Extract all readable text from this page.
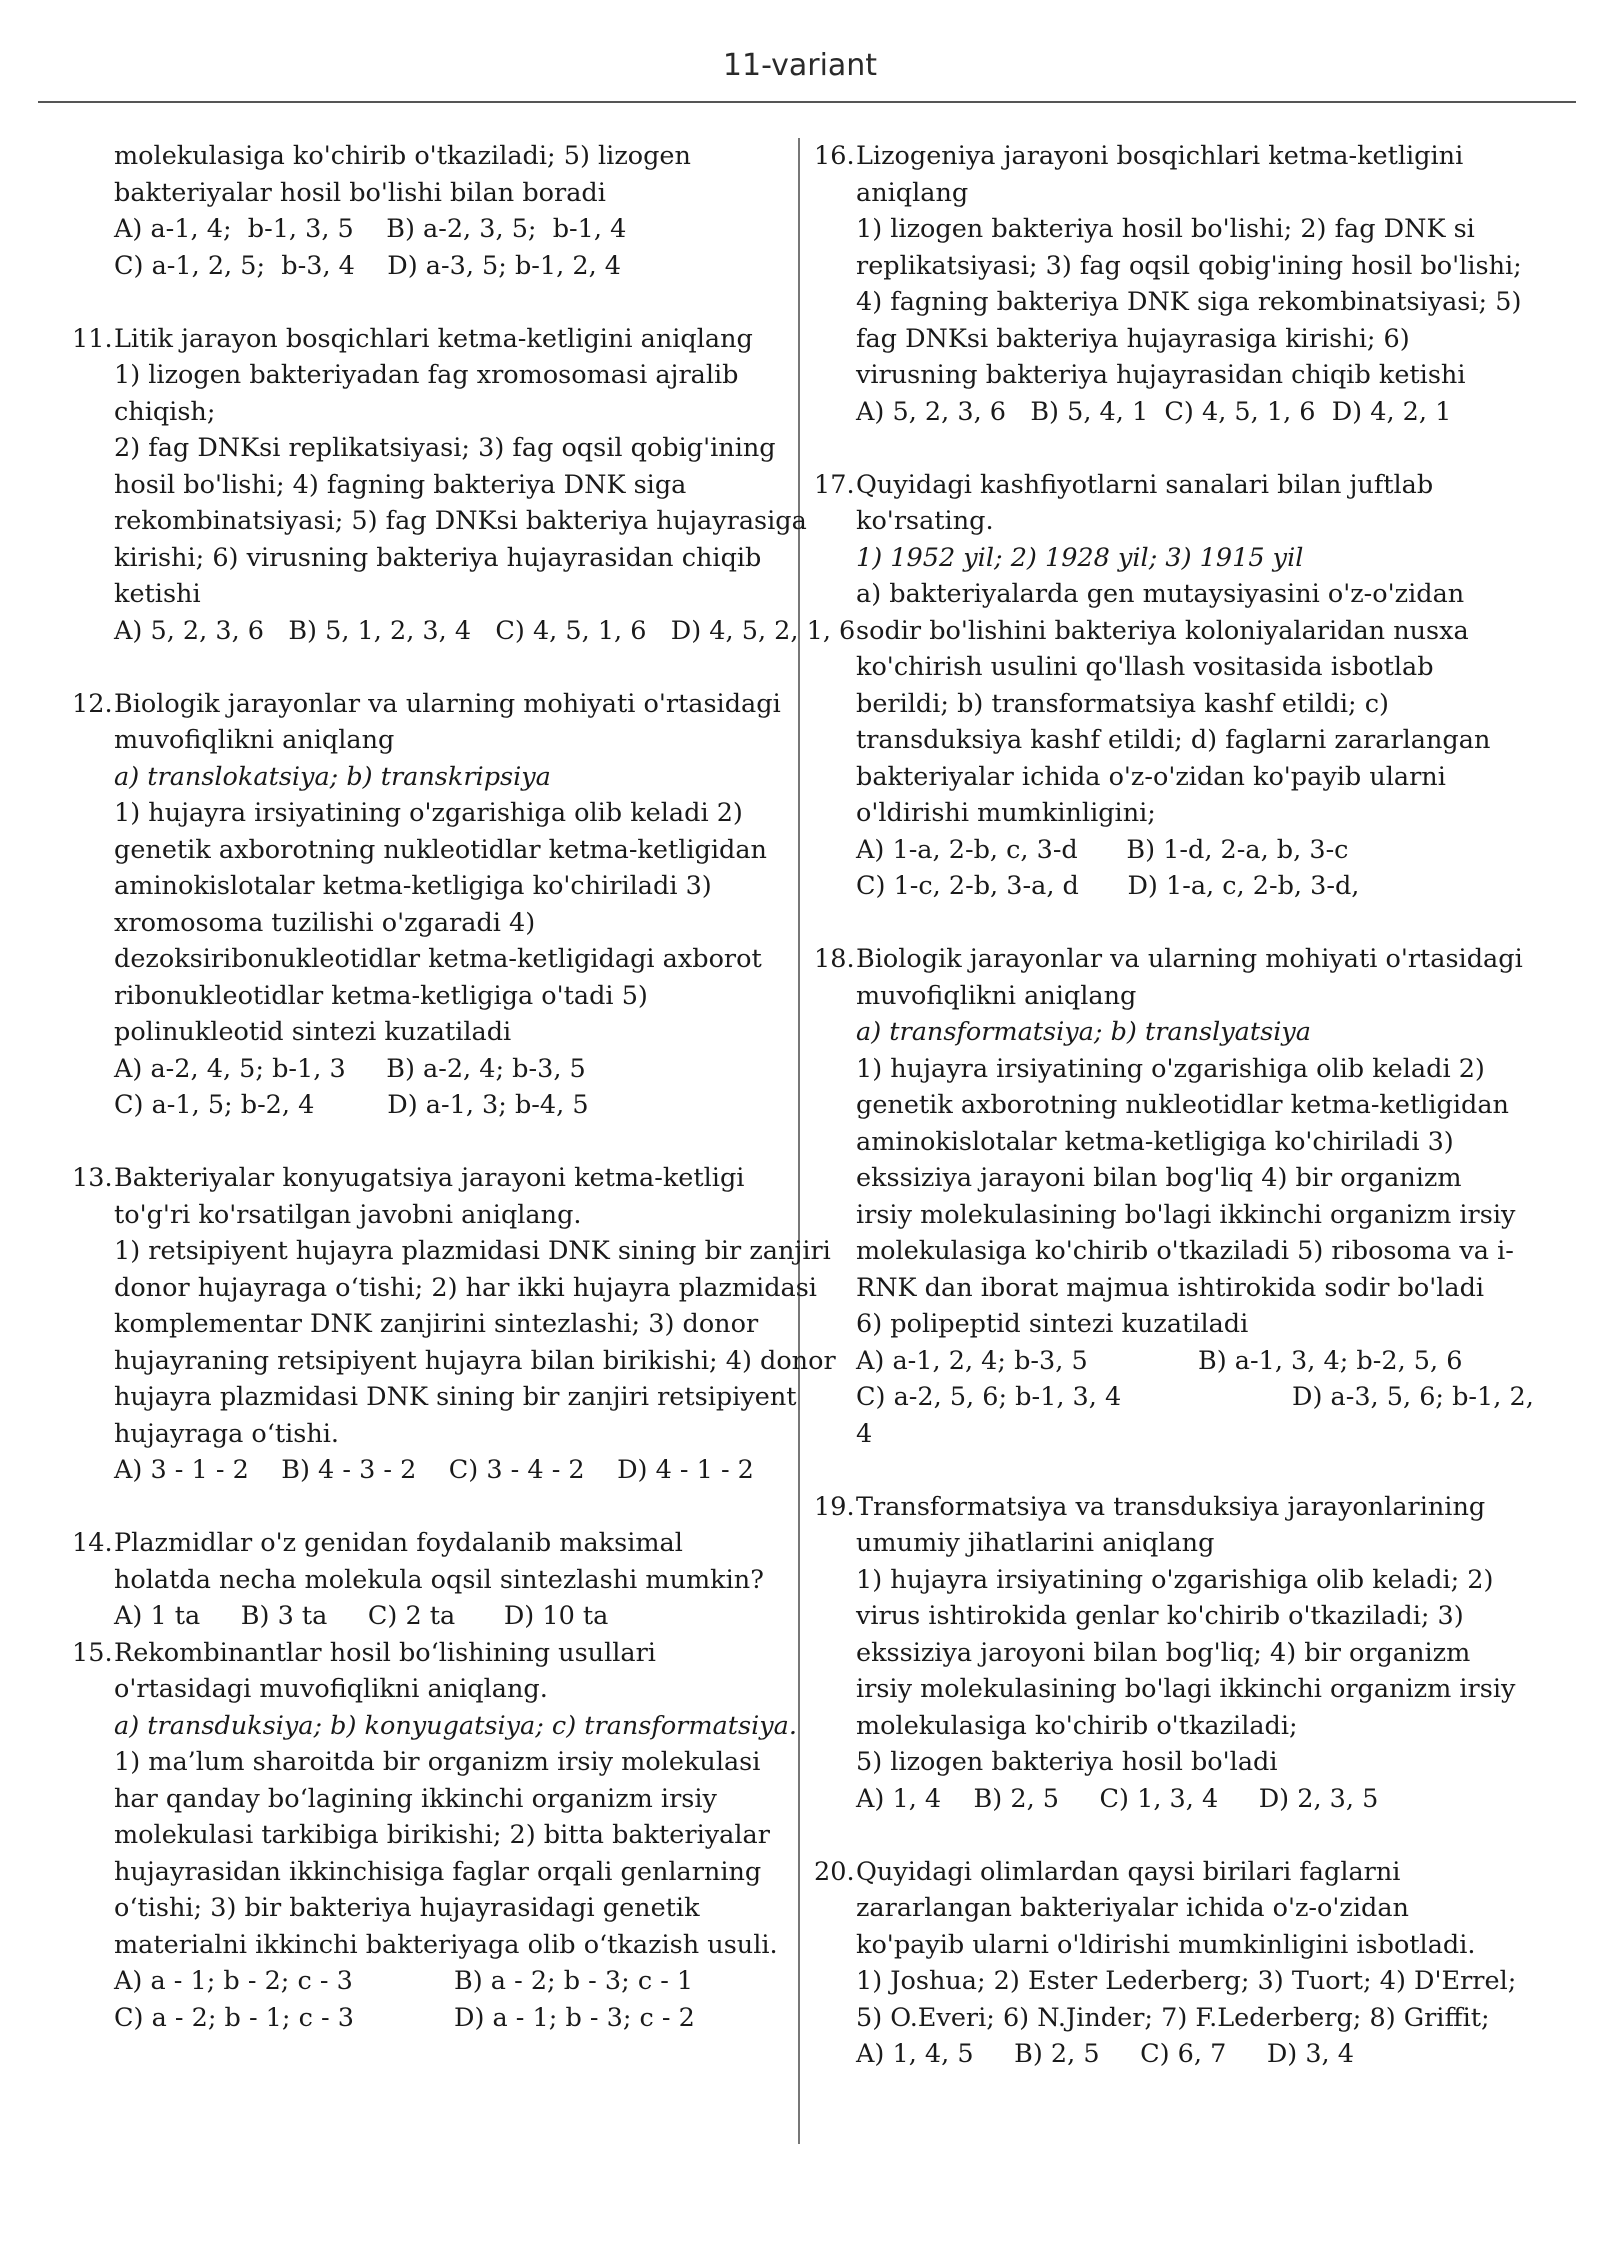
11-variant
molekulasiga ko'chirib o'tkaziladi; 5) lizogen
bakteriyalar hosil bo'lishi bilan boradi
A) a-1, 4;  b-1, 3, 5    B) a-2, 3, 5;  b-1, 4
C) a-1, 2, 5;  b-3, 4    D) a-3, 5; b-1, 2, 4
11. Litik jarayon bosqichlari ketma-ketligini aniqlang
1) lizogen bakteriyadan fag xromosomasi ajralib
chiqish;
2) fag DNKsi replikatsiyasi; 3) fag oqsil qobig'ining
hosil bo'lishi; 4) fagning bakteriya DNK siga
rekombinatsiyasi; 5) fag DNKsi bakteriya hujayrasiga
kirishi; 6) virusning bakteriya hujayrasidan chiqib
ketishi
A) 5, 2, 3, 6   B) 5, 1, 2, 3, 4   C) 4, 5, 1, 6   D) 4, 5, 2, 1, 6
12. Biologik jarayonlar va ularning mohiyati o'rtasidagi
muvofiqlikni aniqlang
a) translokatsiya; b) transkripsiya
1) hujayra irsiyatining o'zgarishiga olib keladi 2)
genetik axborotning nukleotidlar ketma-ketligidan
aminokislotalar ketma-ketligiga ko'chiriladi 3)
xromosoma tuzilishi o'zgaradi 4)
dezoksiribonukleotidlar ketma-ketligidagi axborot
ribonukleotidlar ketma-ketligiga o'tadi 5)
polinukleotid sintezi kuzatiladi
A) a-2, 4, 5; b-1, 3     B) a-2, 4; b-3, 5
C) a-1, 5; b-2, 4         D) a-1, 3; b-4, 5
13. Bakteriyalar konyugatsiya jarayoni ketma-ketligi
to'g'ri ko'rsatilgan javobni aniqlang.
1) retsipiyent hujayra plazmidasi DNK sining bir zanjiri
donor hujayraga o‘tishi; 2) har ikki hujayra plazmidasi
komplementar DNK zanjirini sintezlashi; 3) donor
hujayraning retsipiyent hujayra bilan birikishi; 4) donor
hujayra plazmidasi DNK sining bir zanjiri retsipiyent
hujayraga o‘tishi.
A) 3 - 1 - 2    B) 4 - 3 - 2    C) 3 - 4 - 2    D) 4 - 1 - 2
14. Plazmidlar o'z genidan foydalanib maksimal
holatda necha molekula oqsil sintezlashi mumkin?
A) 1 ta     B) 3 ta     C) 2 ta      D) 10 ta
15. Rekombinantlar hosil bo‘lishining usullari
o'rtasidagi muvofiqlikni aniqlang.
a) transduksiya; b) konyugatsiya; c) transformatsiya.
1) ma’lum sharoitda bir organizm irsiy molekulasi
har qanday bo‘lagining ikkinchi organizm irsiy
molekulasi tarkibiga birikishi; 2) bitta bakteriyalar
hujayrasidan ikkinchisiga faglar orqali genlarning
o‘tishi; 3) bir bakteriya hujayrasidagi genetik
materialni ikkinchi bakteriyaga olib o‘tkazish usuli.
A) a - 1; b - 2; c - 3	B) a - 2; b - 3; c - 1
C) a - 2; b - 1; c - 3	D) a - 1; b - 3; c - 2
16. Lizogeniya jarayoni bosqichlari ketma-ketligini
aniqlang
1) lizogen bakteriya hosil bo'lishi; 2) fag DNK si
replikatsiyasi; 3) fag oqsil qobig'ining hosil bo'lishi;
4) fagning bakteriya DNK siga rekombinatsiyasi; 5)
fag DNKsi bakteriya hujayrasiga kirishi; 6)
virusning bakteriya hujayrasidan chiqib ketishi
A) 5, 2, 3, 6   B) 5, 4, 1  C) 4, 5, 1, 6  D) 4, 2, 1
17. Quyidagi kashfiyotlarni sanalari bilan juftlab
ko'rsating.
1) 1952 yil; 2) 1928 yil; 3) 1915 yil
a) bakteriyalarda gen mutaysiyasini o'z-o'zidan
sodir bo'lishini bakteriya koloniyalaridan nusxa
ko'chirish usulini qo'llash vositasida isbotlab
berildi; b) transformatsiya kashf etildi; c)
transduksiya kashf etildi; d) faglarni zararlangan
bakteriyalar ichida o'z-o'zidan ko'payib ularni
o'ldirishi mumkinligini;
A) 1-a, 2-b, c, 3-d      B) 1-d, 2-a, b, 3-c
C) 1-c, 2-b, 3-a, d      D) 1-a, c, 2-b, 3-d,
18. Biologik jarayonlar va ularning mohiyati o'rtasidagi
muvofiqlikni aniqlang
a) transformatsiya; b) translyatsiya
1) hujayra irsiyatining o'zgarishiga olib keladi 2)
genetik axborotning nukleotidlar ketma-ketligidan
aminokislotalar ketma-ketligiga ko'chiriladi 3)
ekssiziya jarayoni bilan bog'liq 4) bir organizm
irsiy molekulasining bo'lagi ikkinchi organizm irsiy
molekulasiga ko'chirib o'tkaziladi 5) ribosoma va i-
RNK dan iborat majmua ishtirokida sodir bo'ladi
6) polipeptid sintezi kuzatiladi
A) a-1, 2, 4; b-3, 5	B) a-1, 3, 4; b-2, 5, 6
C) a-2, 5, 6; b-1, 3, 4	D) a-3, 5, 6; b-1, 2,
4
19. Transformatsiya va transduksiya jarayonlarining
umumiy jihatlarini aniqlang
1) hujayra irsiyatining o'zgarishiga olib keladi; 2)
virus ishtirokida genlar ko'chirib o'tkaziladi; 3)
ekssiziya jaroyoni bilan bog'liq; 4) bir organizm
irsiy molekulasining bo'lagi ikkinchi organizm irsiy
molekulasiga ko'chirib o'tkaziladi;
5) lizogen bakteriya hosil bo'ladi
A) 1, 4    B) 2, 5     C) 1, 3, 4     D) 2, 3, 5
20. Quyidagi olimlardan qaysi birilari faglarni
zararlangan bakteriyalar ichida o'z-o'zidan
ko'payib ularni o'ldirishi mumkinligini isbotladi.
1) Joshua; 2) Ester Lederberg; 3) Tuort; 4) D'Errel;
5) O.Everi; 6) N.Jinder; 7) F.Lederberg; 8) Griffit;
A) 1, 4, 5     B) 2, 5     C) 6, 7     D) 3, 4
